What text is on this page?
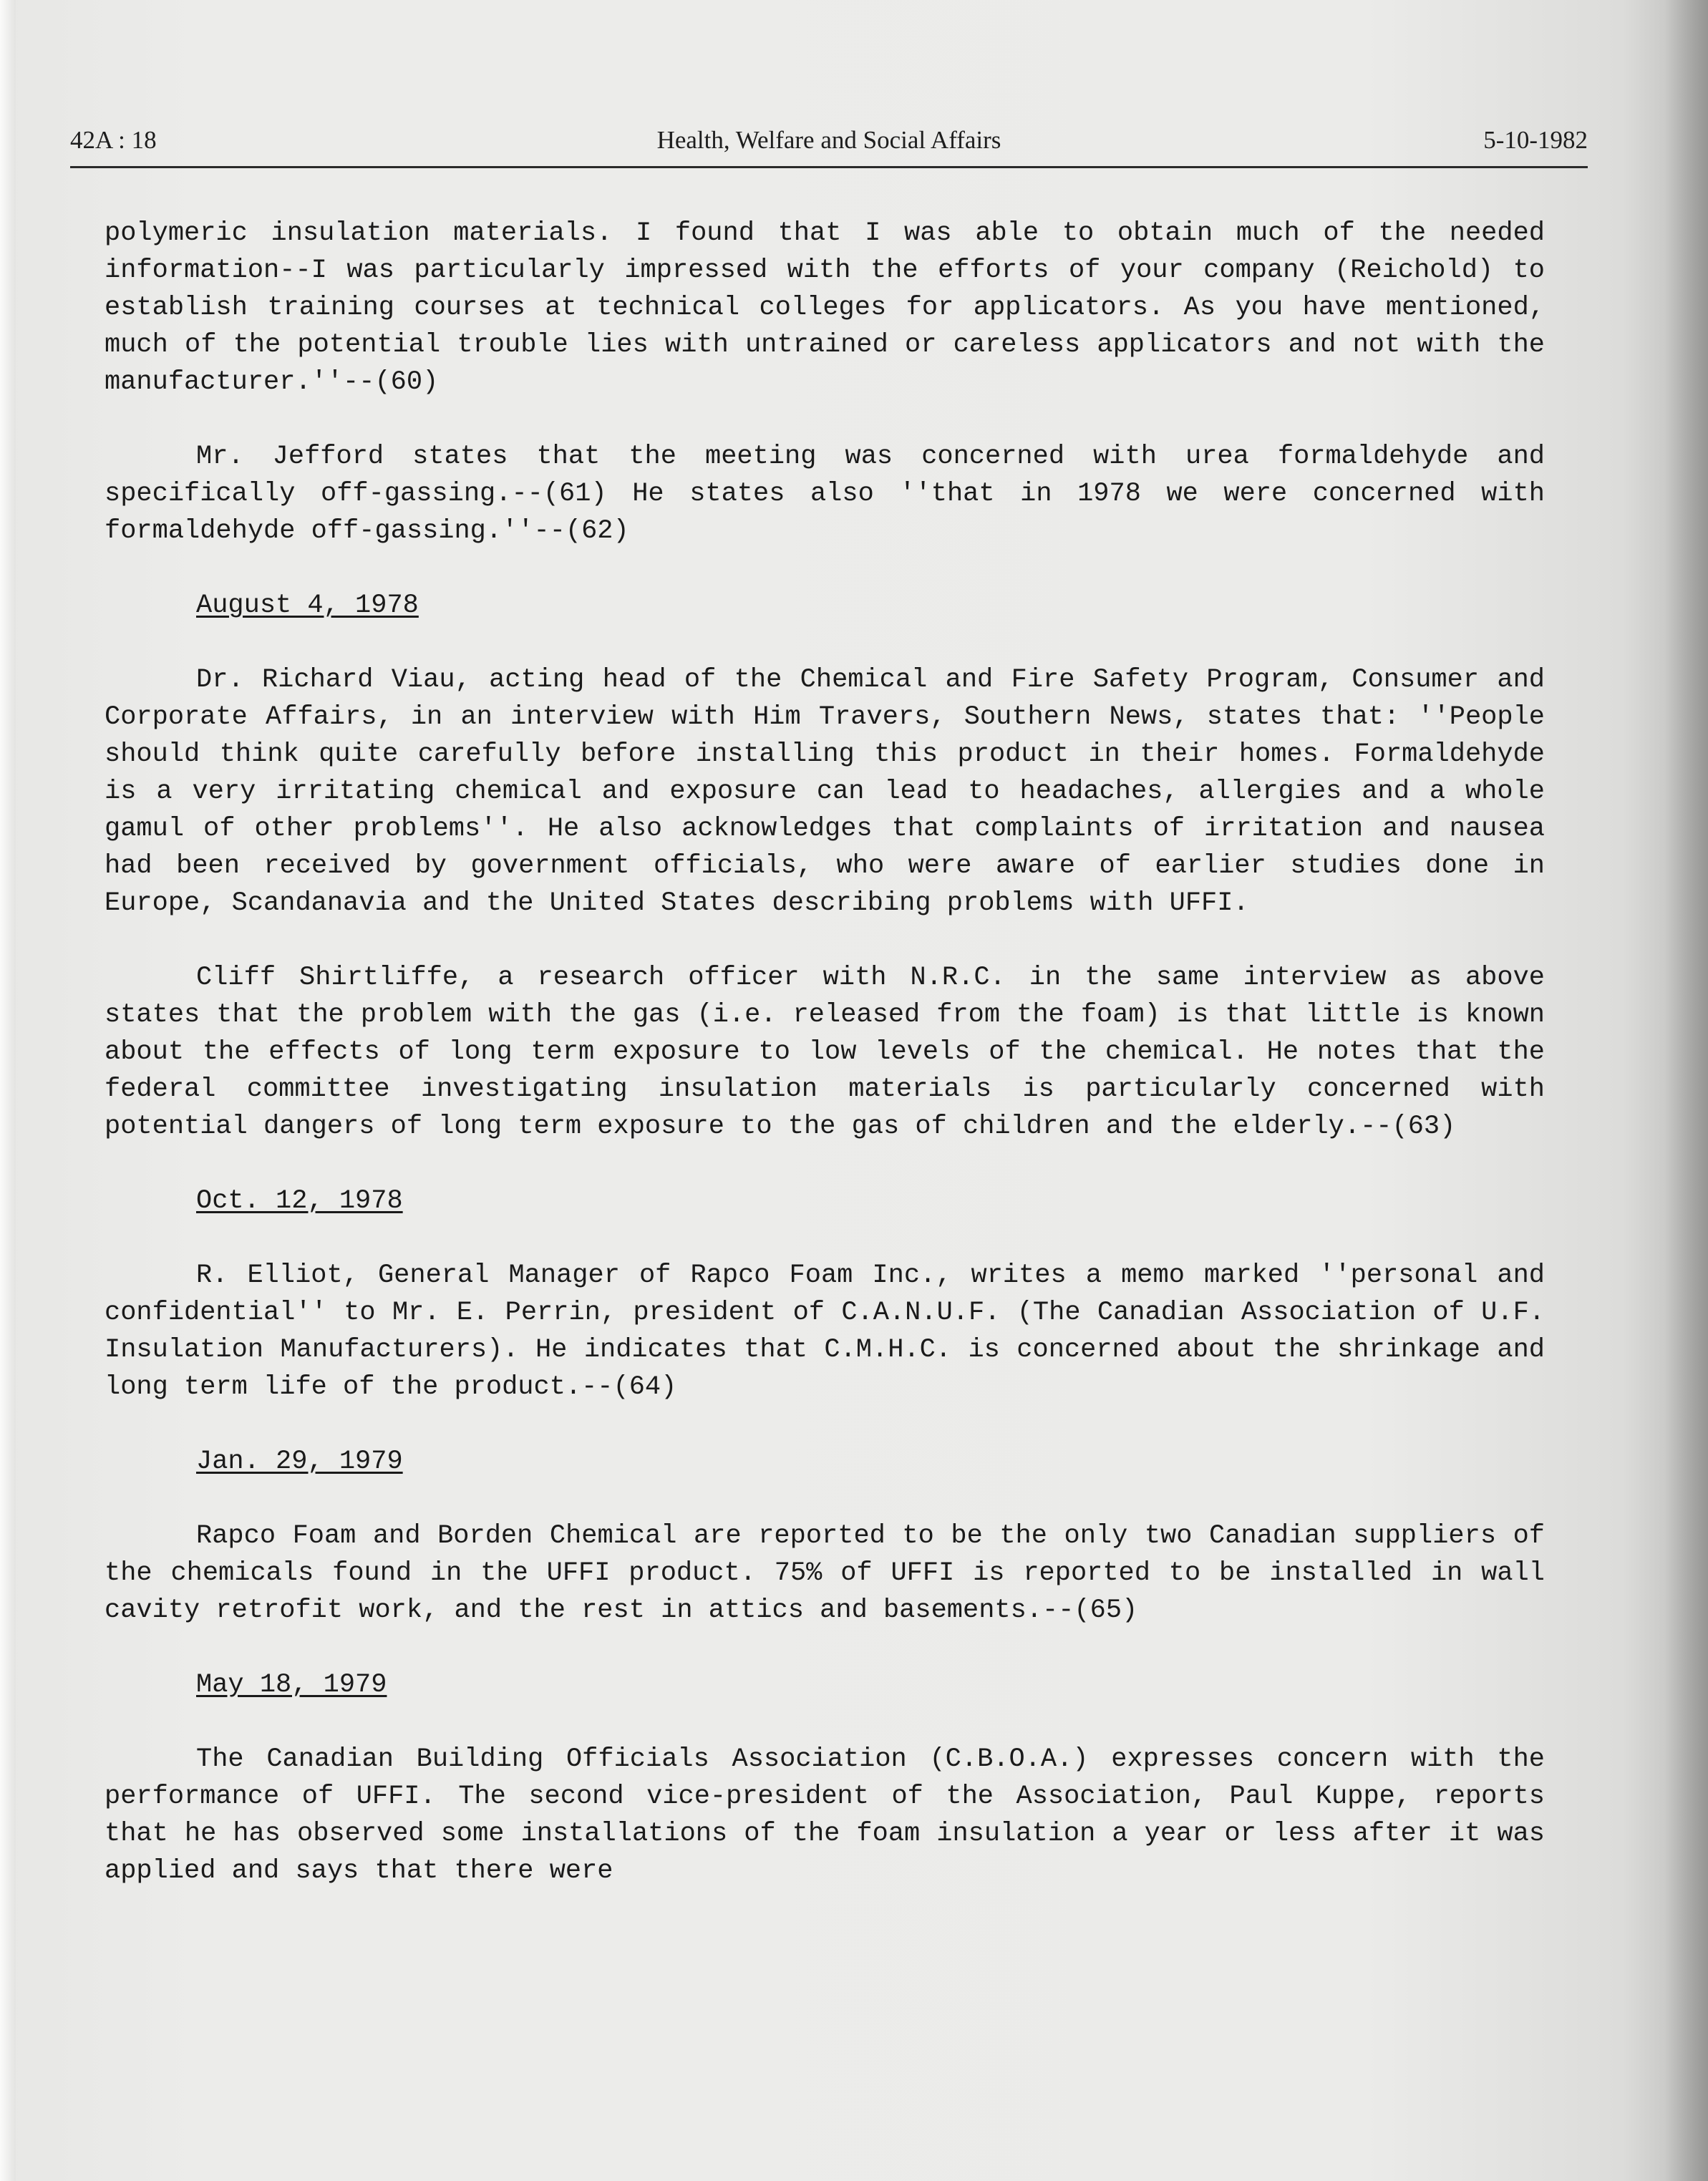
42A : 18	Health, Welfare and Social Affairs	5-10-1982

polymeric insulation materials. I found that I was able to obtain much of the needed information--I was particularly impressed with the efforts of your company (Reichold) to establish training courses at technical colleges for applicators. As you have mentioned, much of the potential trouble lies with untrained or careless applicators and not with the manufacturer.''--(60)

Mr. Jefford states that the meeting was concerned with urea formaldehyde and specifically off-gassing.--(61) He states also ''that in 1978 we were concerned with formaldehyde off-gassing.''--(62)

August 4, 1978

Dr. Richard Viau, acting head of the Chemical and Fire Safety Program, Consumer and Corporate Affairs, in an interview with Him Travers, Southern News, states that: ''People should think quite carefully before installing this product in their homes. Formaldehyde is a very irritating chemical and exposure can lead to headaches, allergies and a whole gamul of other problems''. He also acknowledges that complaints of irritation and nausea had been received by government officials, who were aware of earlier studies done in Europe, Scandanavia and the United States describing problems with UFFI.

Cliff Shirtliffe, a research officer with N.R.C. in the same interview as above states that the problem with the gas (i.e. released from the foam) is that little is known about the effects of long term exposure to low levels of the chemical. He notes that the federal committee investigating insulation materials is particularly concerned with potential dangers of long term exposure to the gas of children and the elderly.--(63)

Oct. 12, 1978

R. Elliot, General Manager of Rapco Foam Inc., writes a memo marked ''personal and confidential'' to Mr. E. Perrin, president of C.A.N.U.F. (The Canadian Association of U.F. Insulation Manufacturers). He indicates that C.M.H.C. is concerned about the shrinkage and long term life of the product.--(64)

Jan. 29, 1979

Rapco Foam and Borden Chemical are reported to be the only two Canadian suppliers of the chemicals found in the UFFI product. 75% of UFFI is reported to be installed in wall cavity retrofit work, and the rest in attics and basements.--(65)

May 18, 1979

The Canadian Building Officials Association (C.B.O.A.) expresses concern with the performance of UFFI. The second vice-president of the Association, Paul Kuppe, reports that he has observed some installations of the foam insulation a year or less after it was applied and says that there were
